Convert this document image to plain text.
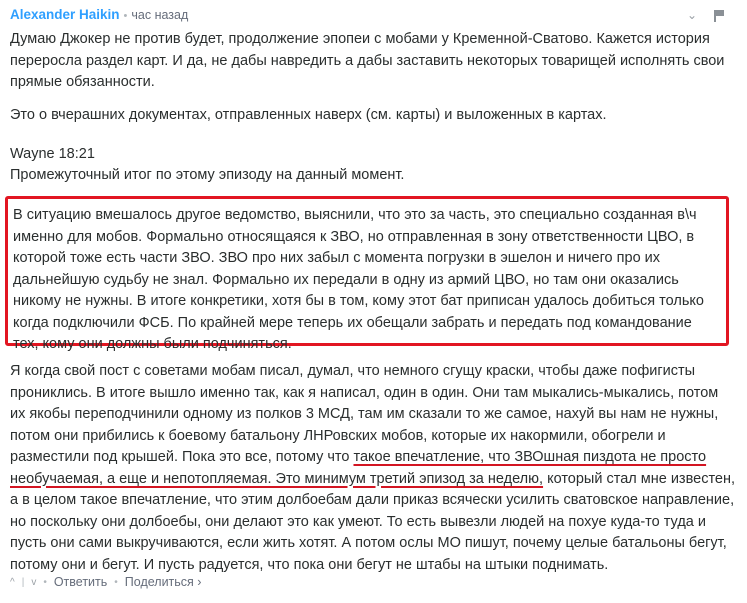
Alexander Haikin • час назад	⌄

Думаю Джокер не против будет, продолжение эпопеи с мобами у Кременной-Сватово. Кажется история переросла раздел карт. И да, не дабы навредить а дабы заставить некоторых товарищей исполнять свои прямые обязанности.

Это о вчерашних документах, отправленных наверх (см. карты) и выложенных в картах.

Wayne 18:21

Промежуточный итог по этому эпизоду на данный момент.

В ситуацию вмешалось другое ведомство, выяснили, что это за часть, это специально созданная в\ч именно для мобов. Формально относящаяся к ЗВО, но отправленная в зону ответственности ЦВО, в которой тоже есть части ЗВО. ЗВО про них забыл с момента погрузки в эшелон и ничего про их дальнейшую судьбу не знал. Формально их передали в одну из армий ЦВО, но там они оказались никому не нужны. В итоге конкретики, хотя бы в том, кому этот бат приписан удалось добиться только когда подключили ФСБ. По крайней мере теперь их обещали забрать и передать под командование тех, кому они должны были подчиняться.

Я когда свой пост с советами мобам писал, думал, что немного сгущу краски, чтобы даже пофигисты прониклись. В итоге вышло именно так, как я написал, один в один. Они там мыкались-мыкались, потом их якобы переподчинили одному из полков 3 МСД, там им сказали то же самое, нахуй вы нам не нужны, потом они прибились к боевому батальону ЛНРовских мобов, которые их накормили, обогрели и разместили под крышей. Пока это все, потому что такое впечатление, что ЗВОшная пиздота не просто необучаемая, а еще и непотопляемая. Это минимум третий эпизод за неделю, который стал мне известен, а в целом такое впечатление, что этим долбоебам дали приказ всячески усилить сватовское направление, но поскольку они долбоебы, они делают это как умеют. То есть вывезли людей на похуе куда-то туда и пусть они сами выкручиваются, если жить хотят. А потом ослы МО пишут, почему целые батальоны бегут, потому они и бегут. И пусть радуется, что пока они бегут не штабы на штыки поднимать.

^ | v • Ответить • Поделиться ›
